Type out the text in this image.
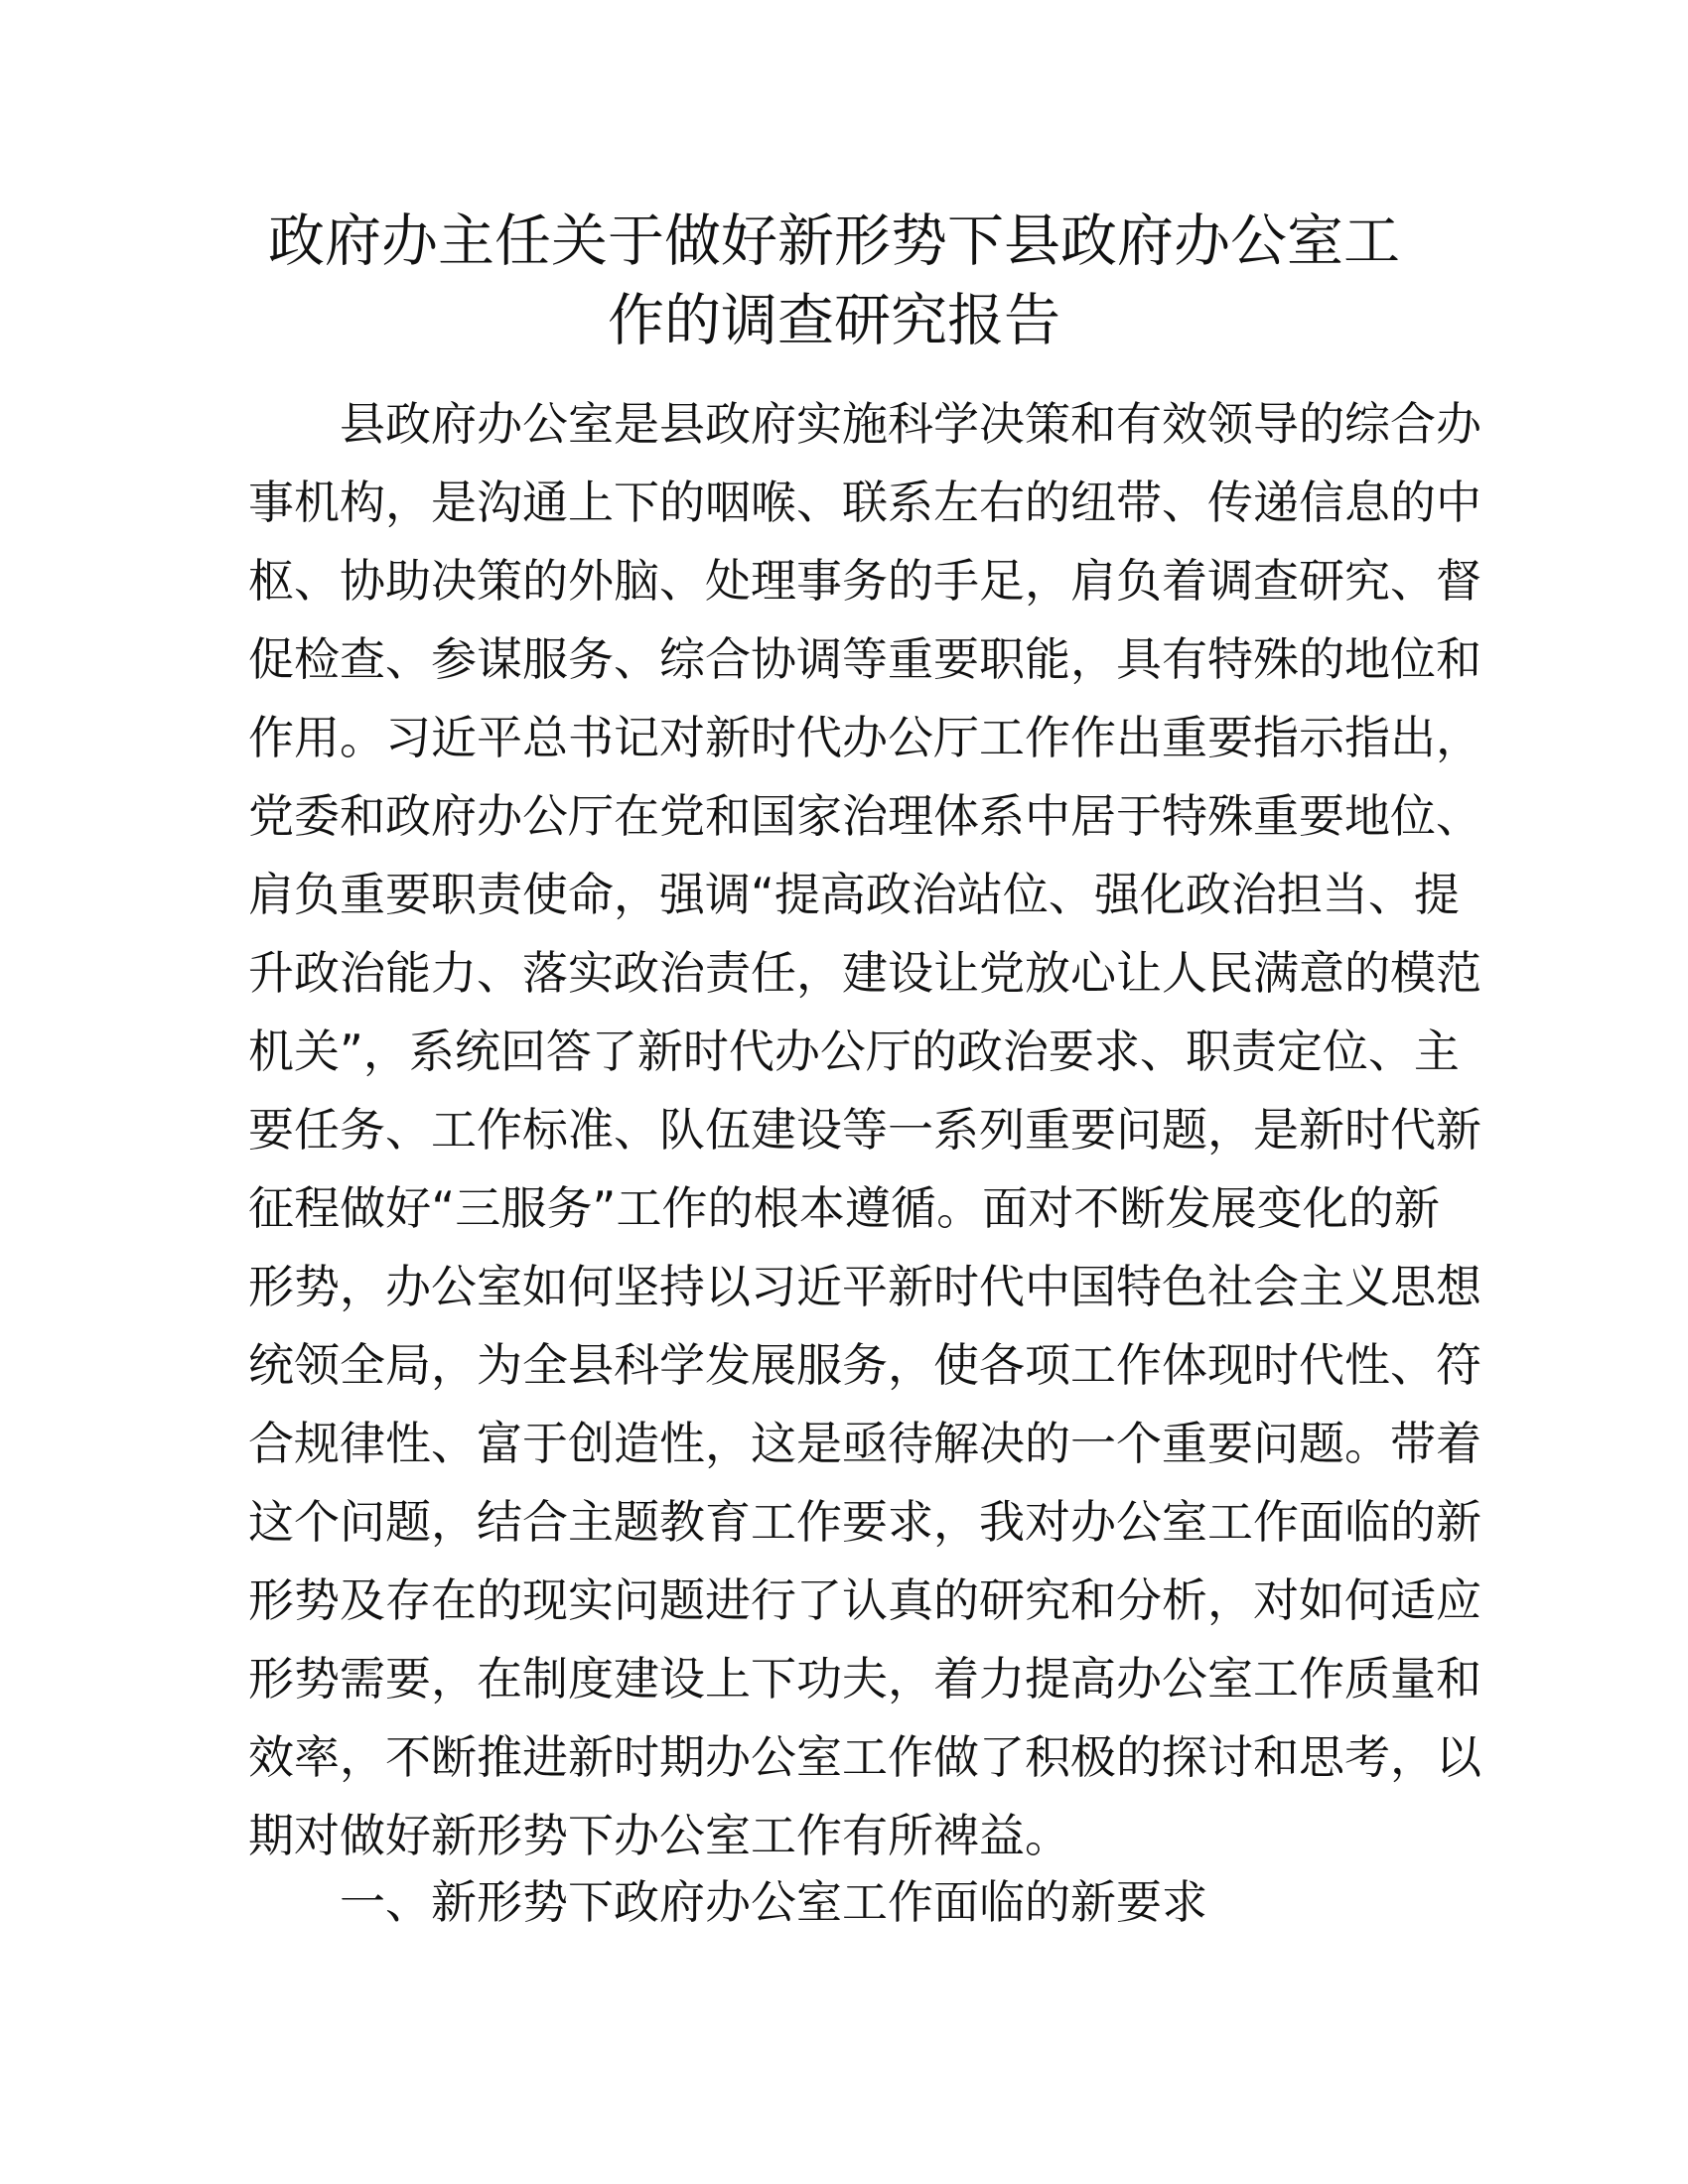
政府办主任关于做好新形势下县政府办公室工
作的调查研究报告
县政府办公室是县政府实施科学决策和有效领导的综合办
事机构，是沟通上下的咽喉、联系左右的纽带、传递信息的中
枢、协助决策的外脑、处理事务的手足，肩负着调查研究、督
促检查、参谋服务、综合协调等重要职能，具有特殊的地位和
作用。习近平总书记对新时代办公厅工作作出重要指示指出，
党委和政府办公厅在党和国家治理体系中居于特殊重要地位、
肩负重要职责使命，强调“提高政治站位、强化政治担当、提
升政治能力、落实政治责任，建设让党放心让人民满意的模范
机关”，系统回答了新时代办公厅的政治要求、职责定位、主
要任务、工作标准、队伍建设等一系列重要问题，是新时代新
征程做好“三服务”工作的根本遵循。面对不断发展变化的新
形势，办公室如何坚持以习近平新时代中国特色社会主义思想
统领全局，为全县科学发展服务，使各项工作体现时代性、符
合规律性、富于创造性，这是亟待解决的一个重要问题。带着
这个问题，结合主题教育工作要求，我对办公室工作面临的新
形势及存在的现实问题进行了认真的研究和分析，对如何适应
形势需要，在制度建设上下功夫，着力提高办公室工作质量和
效率，不断推进新时期办公室工作做了积极的探讨和思考，以
期对做好新形势下办公室工作有所裨益。
一、新形势下政府办公室工作面临的新要求
